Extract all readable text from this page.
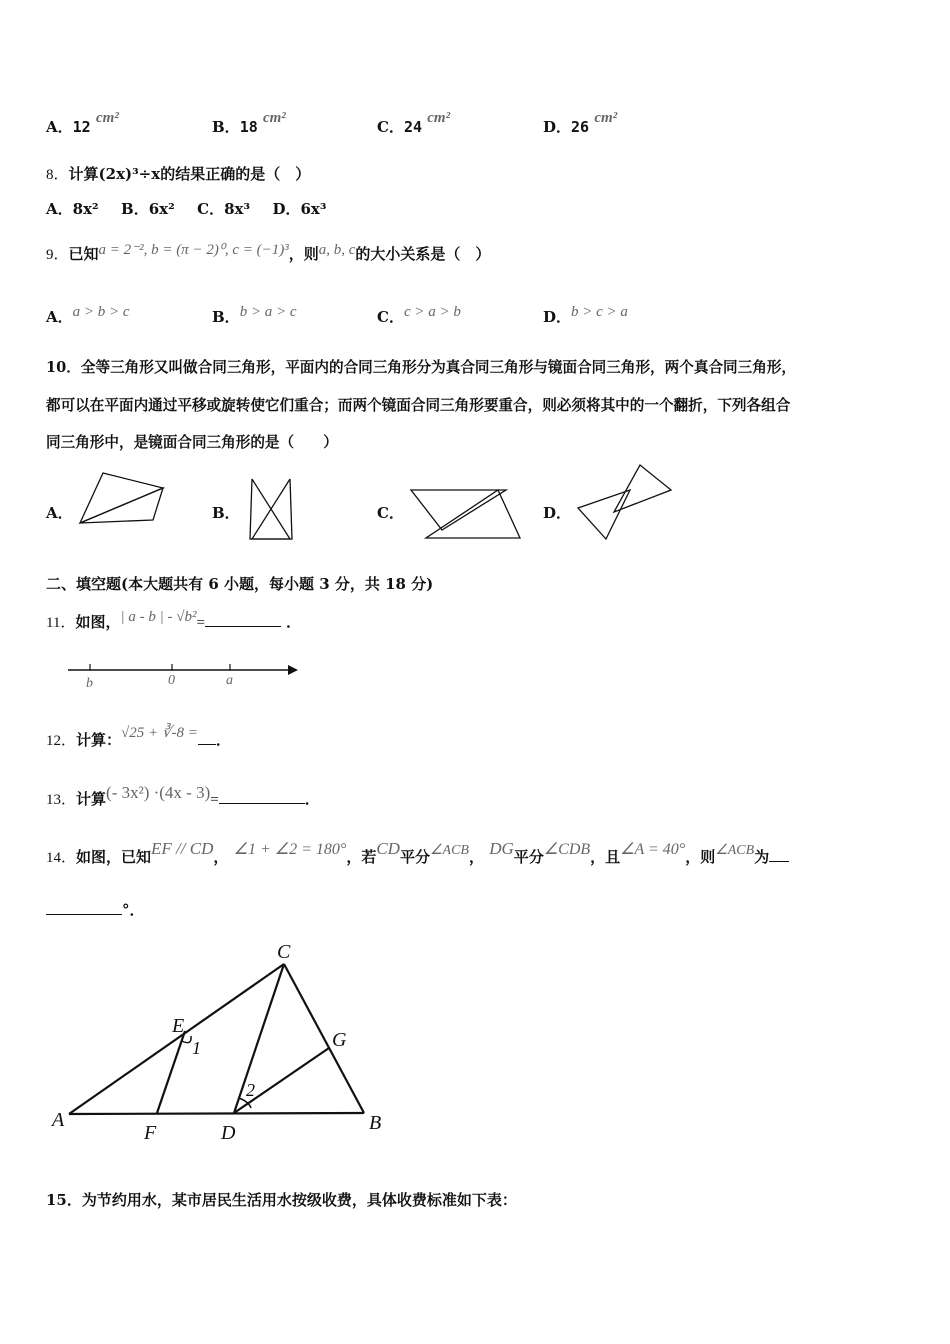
A．12 cm²	B．18 cm²	C．24 cm²	D．26 cm²
8．计算(2x)³÷x的结果正确的是（　）
A．8x² B．6x² C．8x³ D．6x³
9．已知a = 2⁻², b = (π − 2)⁰, c = (−1)³，则a, b, c的大小关系是（　）
A．a > b > c	B．b > a > c	C．c > a > b	D．b > c > a
10．全等三角形又叫做合同三角形，平面内的合同三角形分为真合同三角形与镜面合同三角形，两个真合同三角形，
都可以在平面内通过平移或旋转使它们重合；而两个镜面合同三角形要重合，则必须将其中的一个翻折，下列各组合
同三角形中，是镜面合同三角形的是（　　）
A．	B．	C．	D．
二、填空题(本大题共有 6 小题，每小题 3 分，共 18 分)
11．如图，| a - b | - √b²=	．
b	0	a
12．计算：√25 + ∛-8 = ．
13．计算(- 3x²) ·(4x - 3)=	．
14．如图，已知EF // CD， ∠1 + ∠2 = 180°，若CD平分∠ACB， DG平分∠CDB，且∠A = 40°，则∠ACB为
°．
C
E
G
A
F	D	B
1
2
15．为节约用水，某市居民生活用水按级收费，具体收费标准如下表：
